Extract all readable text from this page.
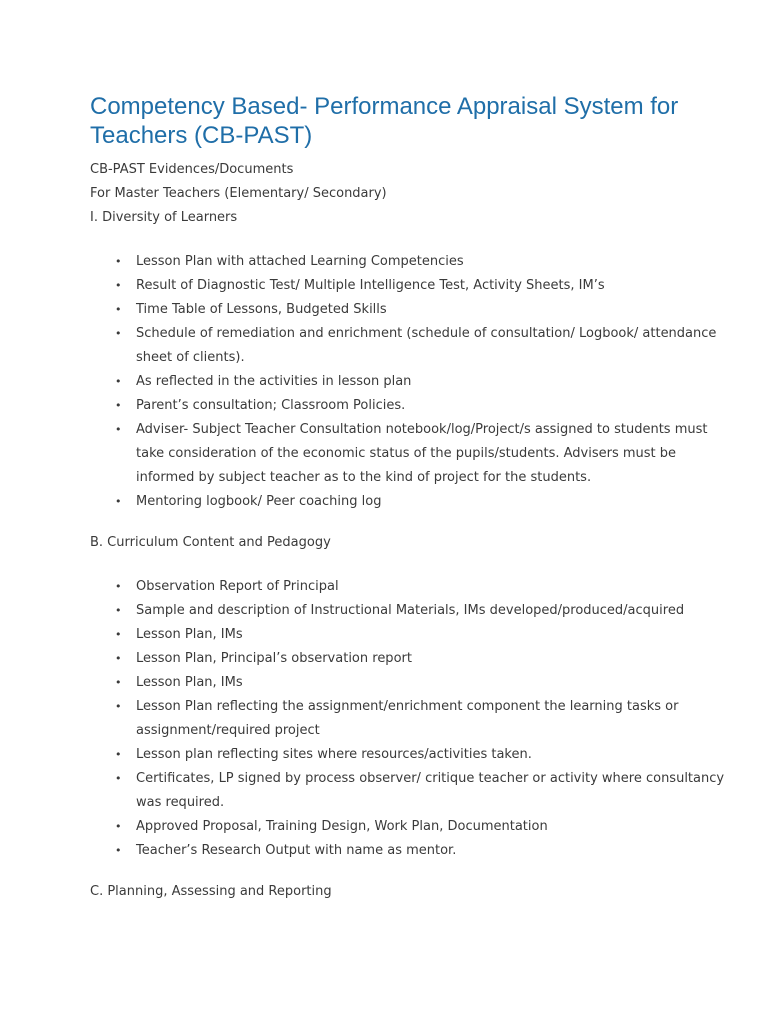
Competency Based- Performance Appraisal System for Teachers (CB-PAST)

CB-PAST Evidences/Documents

For Master Teachers (Elementary/ Secondary)

I. Diversity of Learners

• Lesson Plan with attached Learning Competencies
• Result of Diagnostic Test/ Multiple Intelligence Test, Activity Sheets, IM’s
• Time Table of Lessons, Budgeted Skills
• Schedule of remediation and enrichment (schedule of consultation/ Logbook/ attendance sheet of clients).
• As reflected in the activities in lesson plan
• Parent’s consultation; Classroom Policies.
• Adviser- Subject Teacher Consultation notebook/log/Project/s assigned to students must take consideration of the economic status of the pupils/students. Advisers must be informed by subject teacher as to the kind of project for the students.
• Mentoring logbook/ Peer coaching log

B. Curriculum Content and Pedagogy

• Observation Report of Principal
• Sample and description of Instructional Materials, IMs developed/produced/acquired
• Lesson Plan, IMs
• Lesson Plan, Principal’s observation report
• Lesson Plan, IMs
• Lesson Plan reflecting the assignment/enrichment component the learning tasks or assignment/required project
• Lesson plan reflecting sites where resources/activities taken.
• Certificates, LP signed by process observer/ critique teacher or activity where consultancy was required.
• Approved Proposal, Training Design, Work Plan, Documentation
• Teacher’s Research Output with name as mentor.

C. Planning, Assessing and Reporting
